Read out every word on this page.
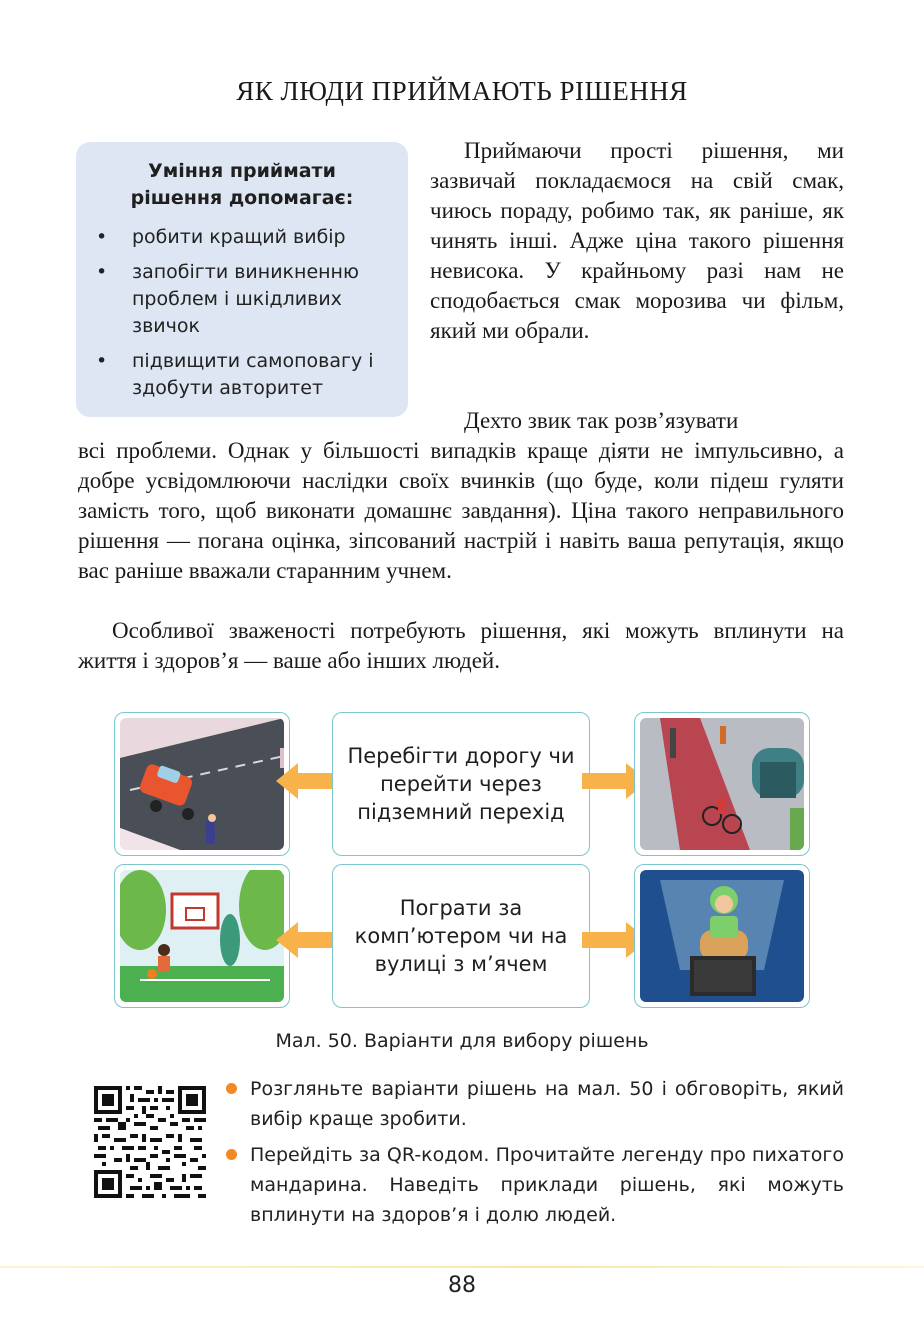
ЯК ЛЮДИ ПРИЙМАЮТЬ РІШЕННЯ
Уміння приймати рішення допомагає:
• робити кращий вибір
• запобігти виникненню проблем і шкідливих звичок
• підвищити самоповагу і здобути авторитет
Приймаючи прості рішення, ми зазвичай покладаємося на свій смак, чиюсь пораду, робимо так, як раніше, як чинять інші. Адже ціна такого рішення невисока. У крайньому разі нам не сподобається смак морозива чи фільм, який ми обрали.
Дехто звик так розв’язувати
всі проблеми. Однак у більшості випадків краще діяти не імпульсивно, а добре усвідомлюючи наслідки своїх вчинків (що буде, коли підеш гуляти замість того, щоб виконати домашнє завдання). Ціна такого неправильного рішення — погана оцінка, зіпсований настрій і навіть ваша репутація, якщо вас раніше вважали старанним учнем.
Особливої зваженості потребують рішення, які можуть вплинути на життя і здоров’я — ваше або інших людей.
Перебігти дорогу чи перейти через підземний перехід
Пограти за комп’ютером чи на вулиці з м’ячем
Мал. 50. Варіанти для вибору рішень
Розгляньте варіанти рішень на мал. 50 і обговоріть, який вибір краще зробити.
Перейдіть за QR-кодом. Прочитайте легенду про пихатого мандарина. Наведіть приклади рішень, які можуть вплинути на здоров’я і долю людей.
88
